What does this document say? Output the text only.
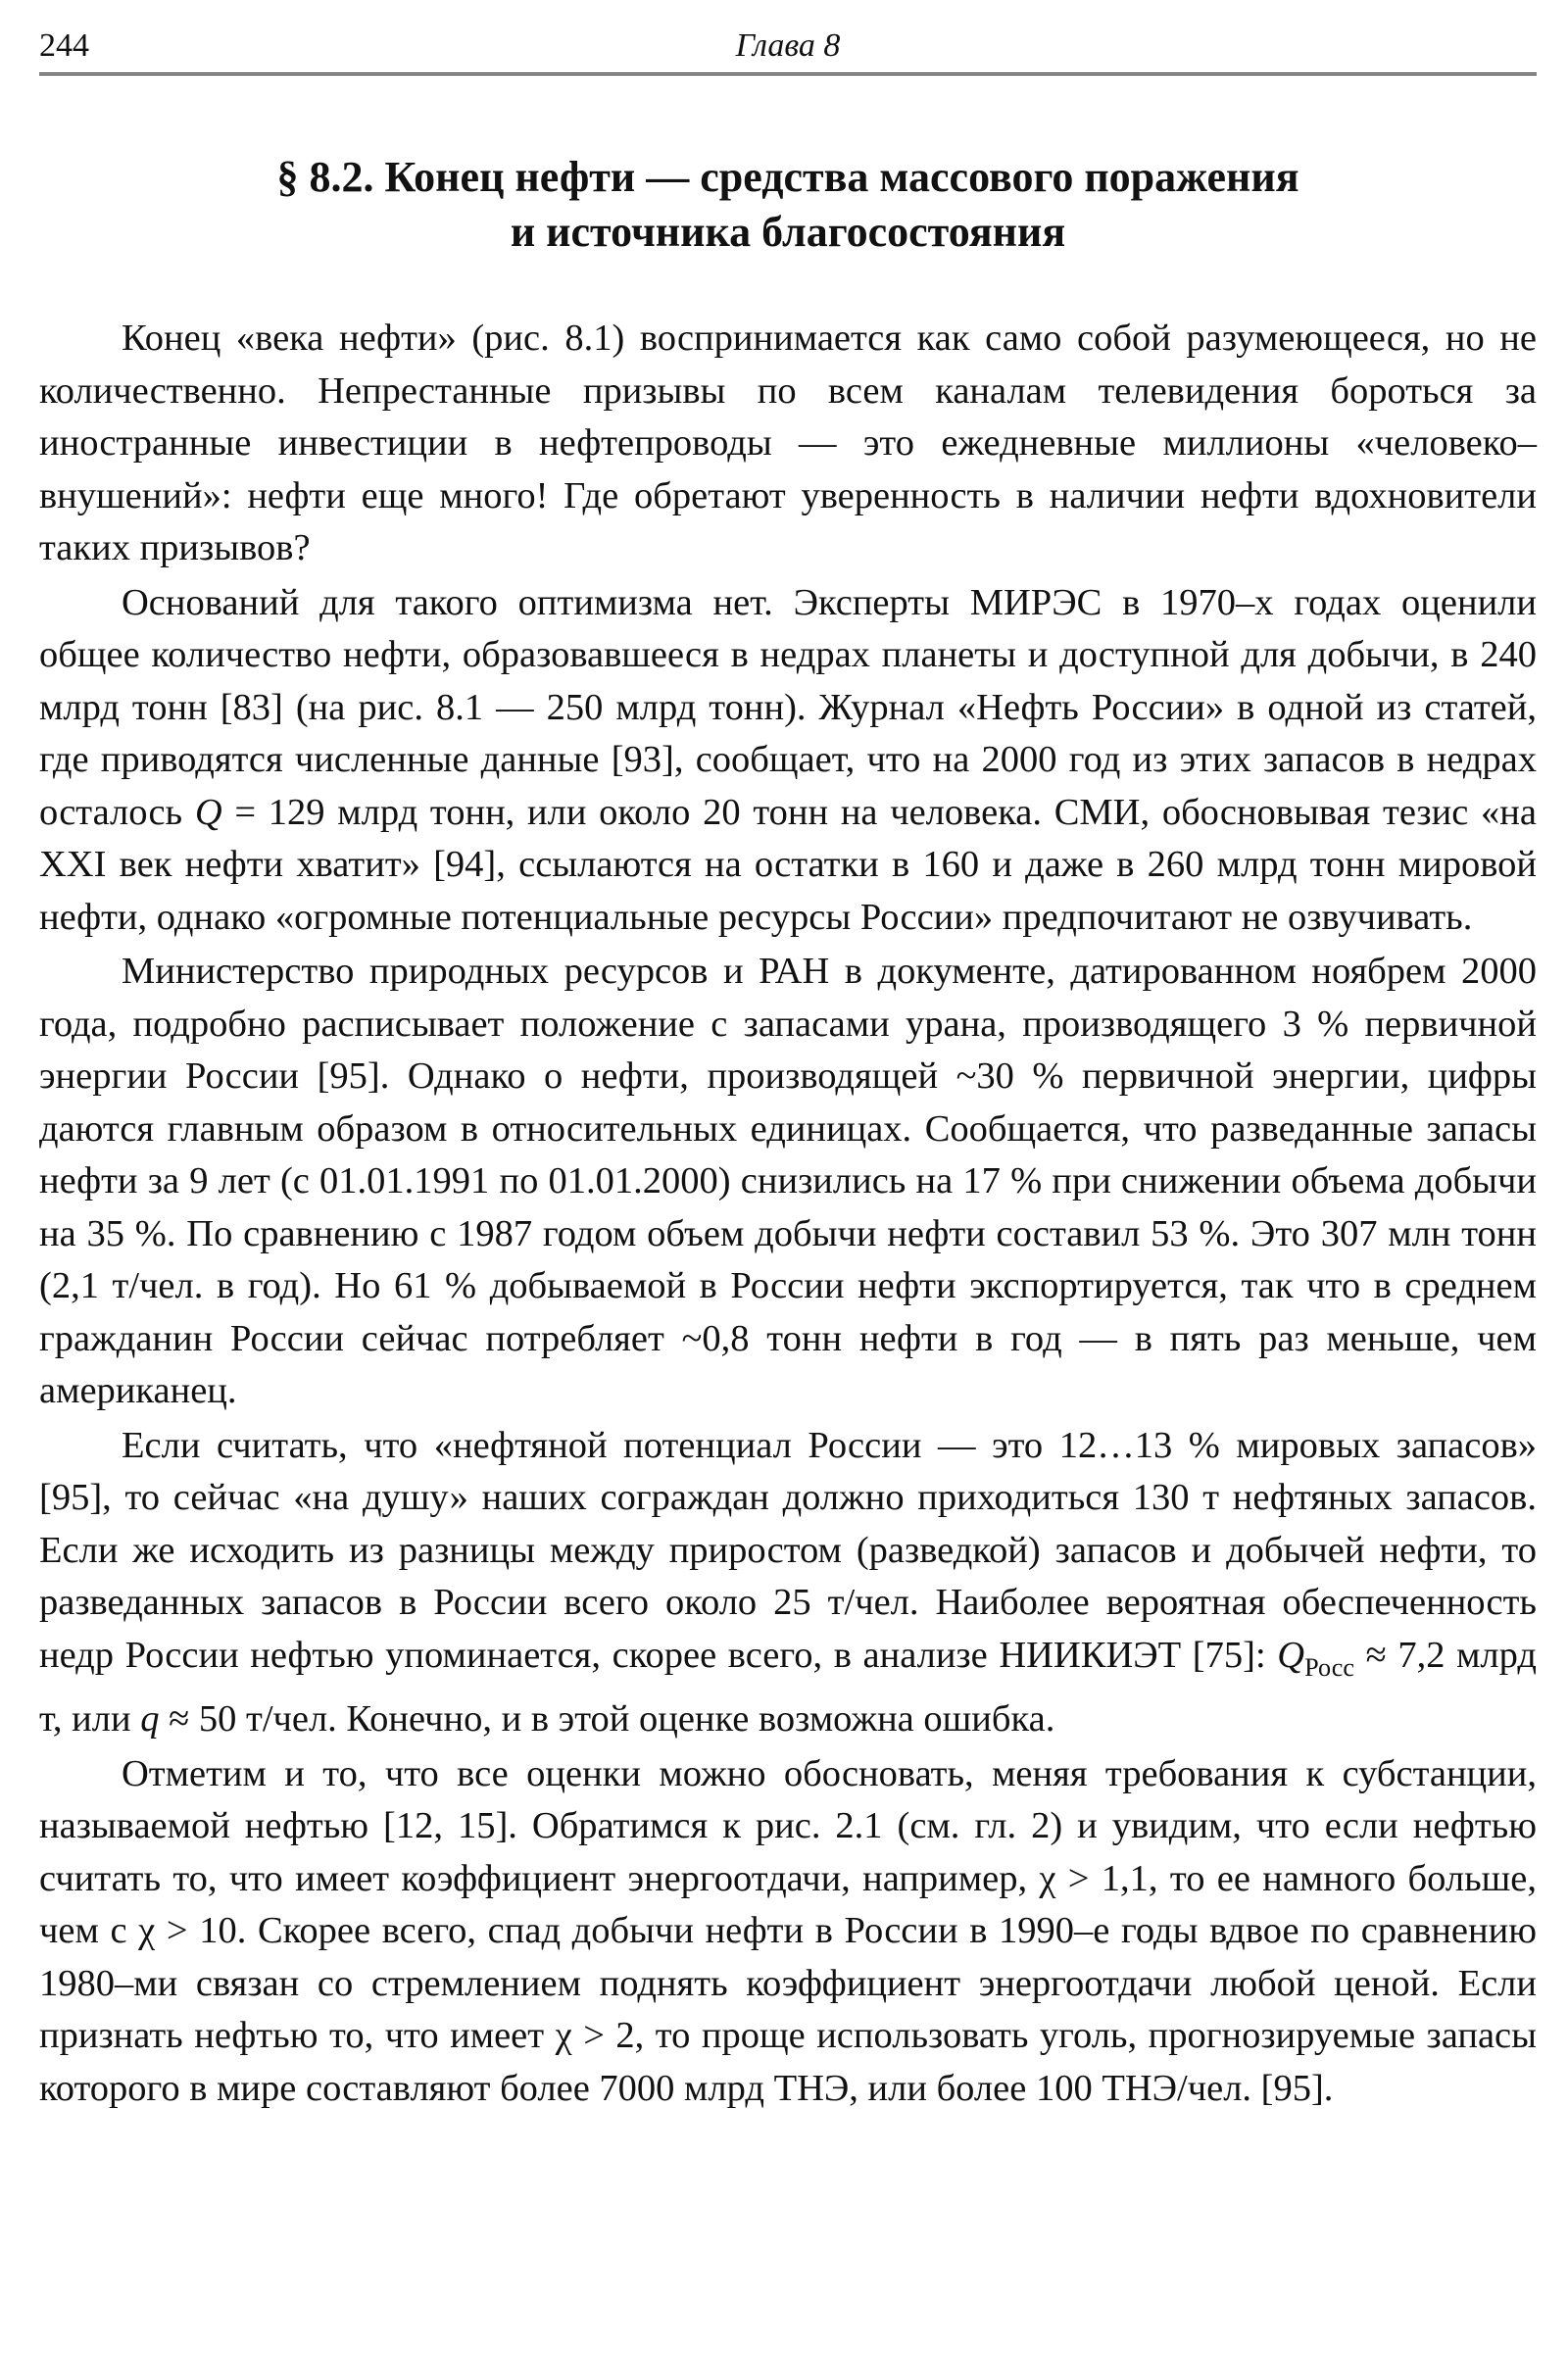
244	Глава 8
§ 8.2. Конец нефти — средства массового поражения
и источника благосостояния

Конец «века нефти» (рис. 8.1) воспринимается как само собой разумеющееся, но не количественно. Непрестанные призывы по всем каналам телевидения бороться за иностранные инвестиции в нефтепроводы — это ежедневные миллионы «человеко–внушений»: нефти еще много! Где обретают уверенность в наличии нефти вдохновители таких призывов?

Оснований для такого оптимизма нет. Эксперты МИРЭС в 1970–х годах оценили общее количество нефти, образовавшееся в недрах планеты и доступной для добычи, в 240 млрд тонн [83] (на рис. 8.1 — 250 млрд тонн). Журнал «Нефть России» в одной из статей, где приводятся численные данные [93], сообщает, что на 2000 год из этих запасов в недрах осталось Q = 129 млрд тонн, или около 20 тонн на человека. СМИ, обосновывая тезис «на XXI век нефти хватит» [94], ссылаются на остатки в 160 и даже в 260 млрд тонн мировой нефти, однако «огромные потенциальные ресурсы России» предпочитают не озвучивать.

Министерство природных ресурсов и РАН в документе, датированном ноябрем 2000 года, подробно расписывает положение с запасами урана, производящего 3 % первичной энергии России [95]. Однако о нефти, производящей ~30 % первичной энергии, цифры даются главным образом в относительных единицах. Сообщается, что разведанные запасы нефти за 9 лет (с 01.01.1991 по 01.01.2000) снизились на 17 % при снижении объема добычи на 35 %. По сравнению с 1987 годом объем добычи нефти составил 53 %. Это 307 млн тонн (2,1 т/чел. в год). Но 61 % добываемой в России нефти экспортируется, так что в среднем гражданин России сейчас потребляет ~0,8 тонн нефти в год — в пять раз меньше, чем американец.

Если считать, что «нефтяной потенциал России — это 12…13 % мировых запасов» [95], то сейчас «на душу» наших сограждан должно приходиться 130 т нефтяных запасов. Если же исходить из разницы между приростом (разведкой) запасов и добычей нефти, то разведанных запасов в России всего около 25 т/чел. Наиболее вероятная обеспеченность недр России нефтью упоминается, скорее всего, в анализе НИИКИЭТ [75]: $Q_{Росс} \approx 7,2$ млрд т, или q ≈ 50 т/чел. Конечно, и в этой оценке возможна ошибка.

Отметим и то, что все оценки можно обосновать, меняя требования к субстанции, называемой нефтью [12, 15]. Обратимся к рис. 2.1 (см. гл. 2) и увидим, что если нефтью считать то, что имеет коэффициент энергоотдачи, например, χ > 1,1, то ее намного больше, чем с χ > 10. Скорее всего, спад добычи нефти в России в 1990–е годы вдвое по сравнению 1980–ми связан со стремлением поднять коэффициент энергоотдачи любой ценой. Если признать нефтью то, что имеет χ > 2, то проще использовать уголь, прогнозируемые запасы которого в мире составляют более 7000 млрд ТНЭ, или более 100 ТНЭ/чел. [95].
